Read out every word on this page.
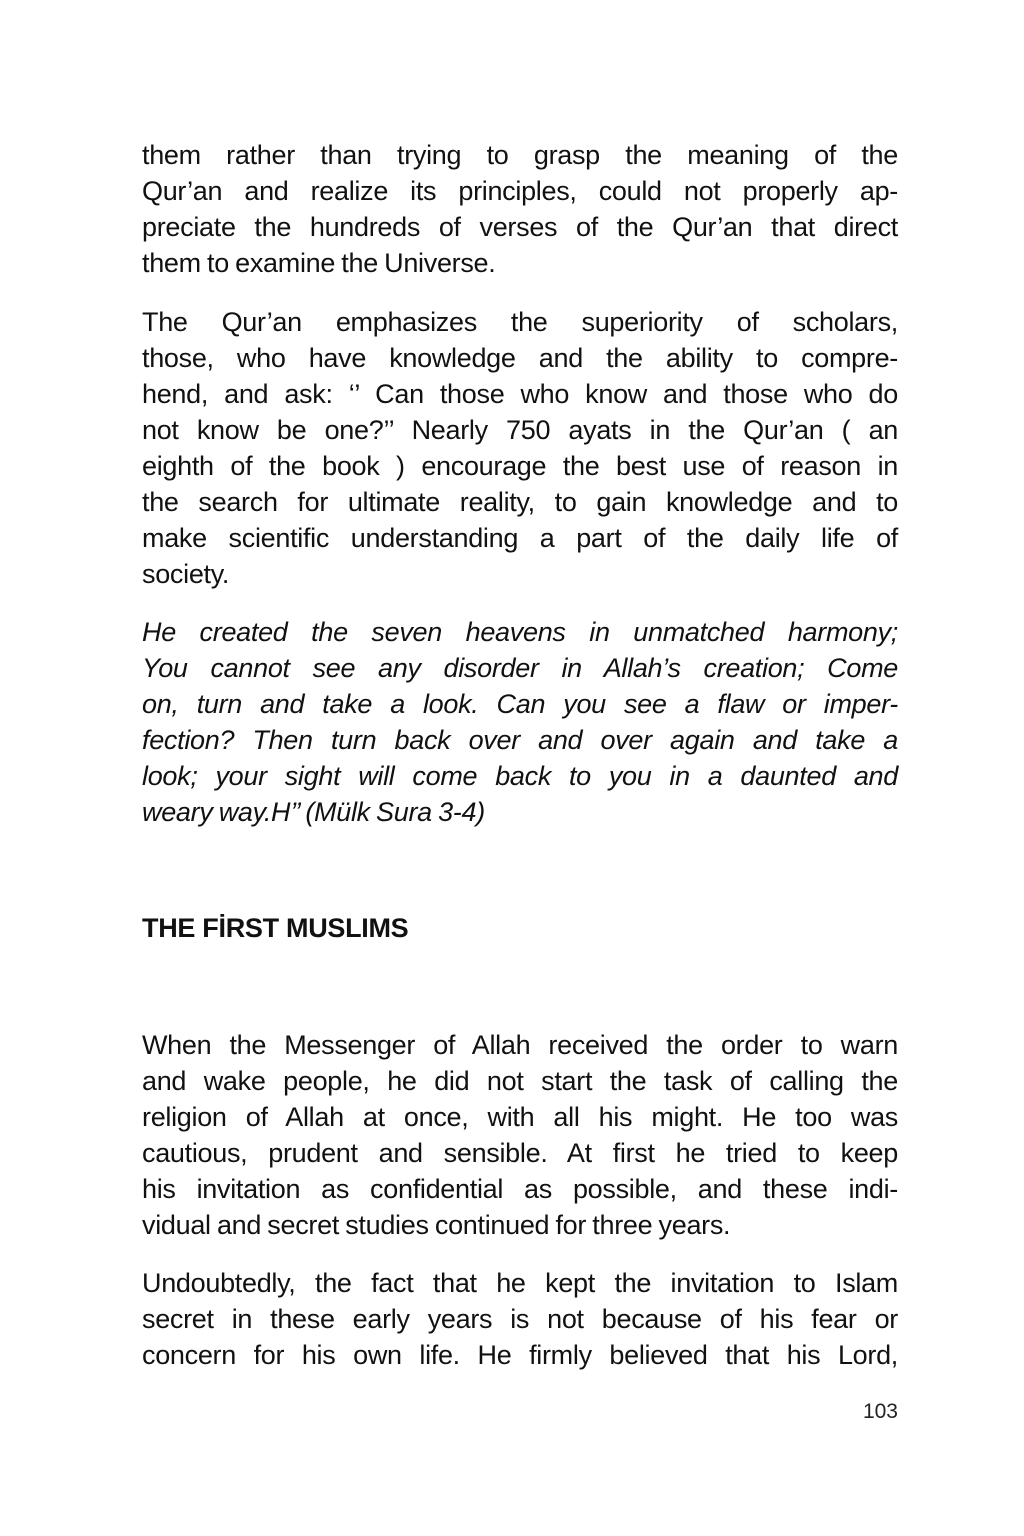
them rather than trying to grasp the meaning of the
Qur’an and realize its principles, could not properly ap-
preciate the hundreds of verses of the Qur’an that direct
them to examine the Universe.
The Qur’an emphasizes the superiority of scholars,
those, who have knowledge and the ability to compre-
hend, and ask: ‘’ Can those who know and those who do
not know be one?’’ Nearly 750 ayats in the Qur’an ( an
eighth of the book ) encourage the best use of reason in
the search for ultimate reality, to gain knowledge and to
make scientific understanding a part of the daily life of
society.
He created the seven heavens in unmatched harmony;
You cannot see any disorder in Allah’s creation; Come
on, turn and take a look. Can you see a flaw or imper-
fection? Then turn back over and over again and take a
look; your sight will come back to you in a daunted and
weary way.H’’ (Mülk Sura 3-4)
THE FİRST MUSLIMS
When the Messenger of Allah received the order to warn
and wake people, he did not start the task of calling the
religion of Allah at once, with all his might. He too was
cautious, prudent and sensible. At first he tried to keep
his invitation as confidential as possible, and these indi-
vidual and secret studies continued for three years.
Undoubtedly, the fact that he kept the invitation to Islam
secret in these early years is not because of his fear or
concern for his own life. He firmly believed that his Lord,
103
